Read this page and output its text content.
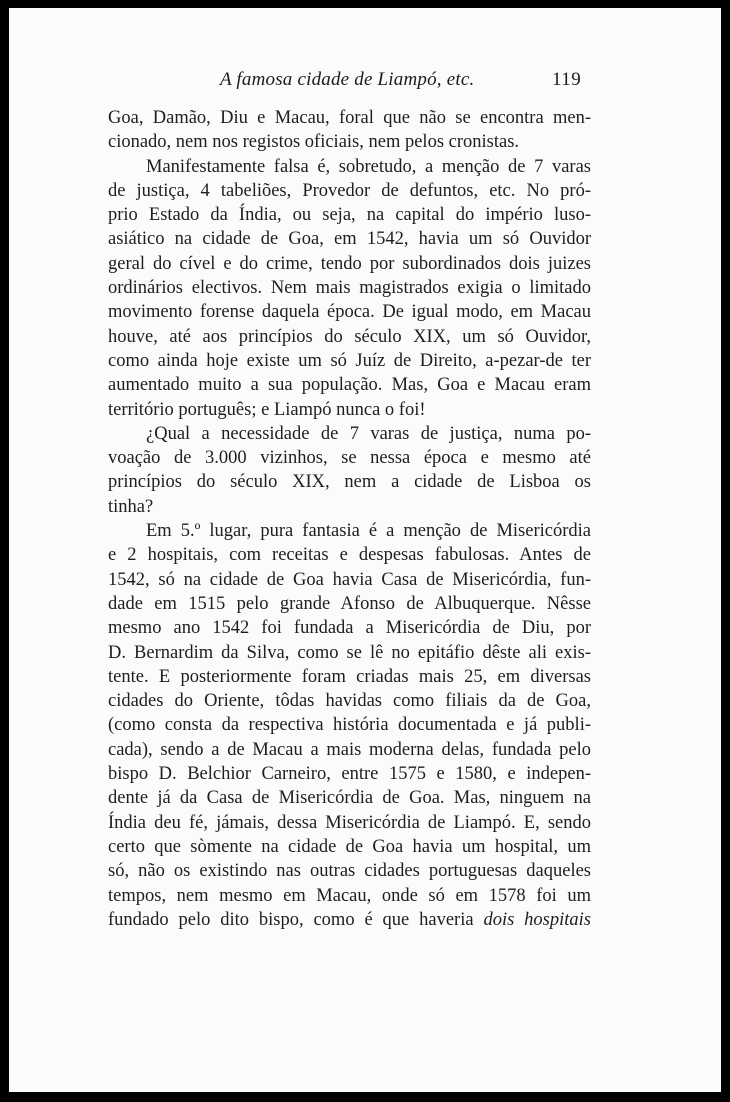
A famosa cidade de Liampó, etc.	119
Goa, Damão, Diu e Macau, foral que não se encontra men-
cionado, nem nos registos oficiais, nem pelos cronistas.
Manifestamente falsa é, sobretudo, a menção de 7 varas
de justiça, 4 tabeliões, Provedor de defuntos, etc. No pró-
prio Estado da Índia, ou seja, na capital do império luso-
asiático na cidade de Goa, em 1542, havia um só Ouvidor
geral do cível e do crime, tendo por subordinados dois juizes
ordinários electivos. Nem mais magistrados exigia o limitado
movimento forense daquela época. De igual modo, em Macau
houve, até aos princípios do século XIX, um só Ouvidor,
como ainda hoje existe um só Juíz de Direito, a-pezar-de ter
aumentado muito a sua população. Mas, Goa e Macau eram
território português; e Liampó nunca o foi!
¿Qual a necessidade de 7 varas de justiça, numa po-
voação de 3.000 vizinhos, se nessa época e mesmo até
princípios do século XIX, nem a cidade de Lisboa os
tinha?
Em 5.º lugar, pura fantasia é a menção de Misericórdia
e 2 hospitais, com receitas e despesas fabulosas. Antes de
1542, só na cidade de Goa havia Casa de Misericórdia, fun-
dade em 1515 pelo grande Afonso de Albuquerque. Nêsse
mesmo ano 1542 foi fundada a Misericórdia de Diu, por
D. Bernardim da Silva, como se lê no epitáfio dêste ali exis-
tente. E posteriormente foram criadas mais 25, em diversas
cidades do Oriente, tôdas havidas como filiais da de Goa,
(como consta da respectiva história documentada e já publi-
cada), sendo a de Macau a mais moderna delas, fundada pelo
bispo D. Belchior Carneiro, entre 1575 e 1580, e indepen-
dente já da Casa de Misericórdia de Goa. Mas, ninguem na
Índia deu fé, jámais, dessa Misericórdia de Liampó. E, sendo
certo que sòmente na cidade de Goa havia um hospital, um
só, não os existindo nas outras cidades portuguesas daqueles
tempos, nem mesmo em Macau, onde só em 1578 foi um
fundado pelo dito bispo, como é que haveria dois hospitais
